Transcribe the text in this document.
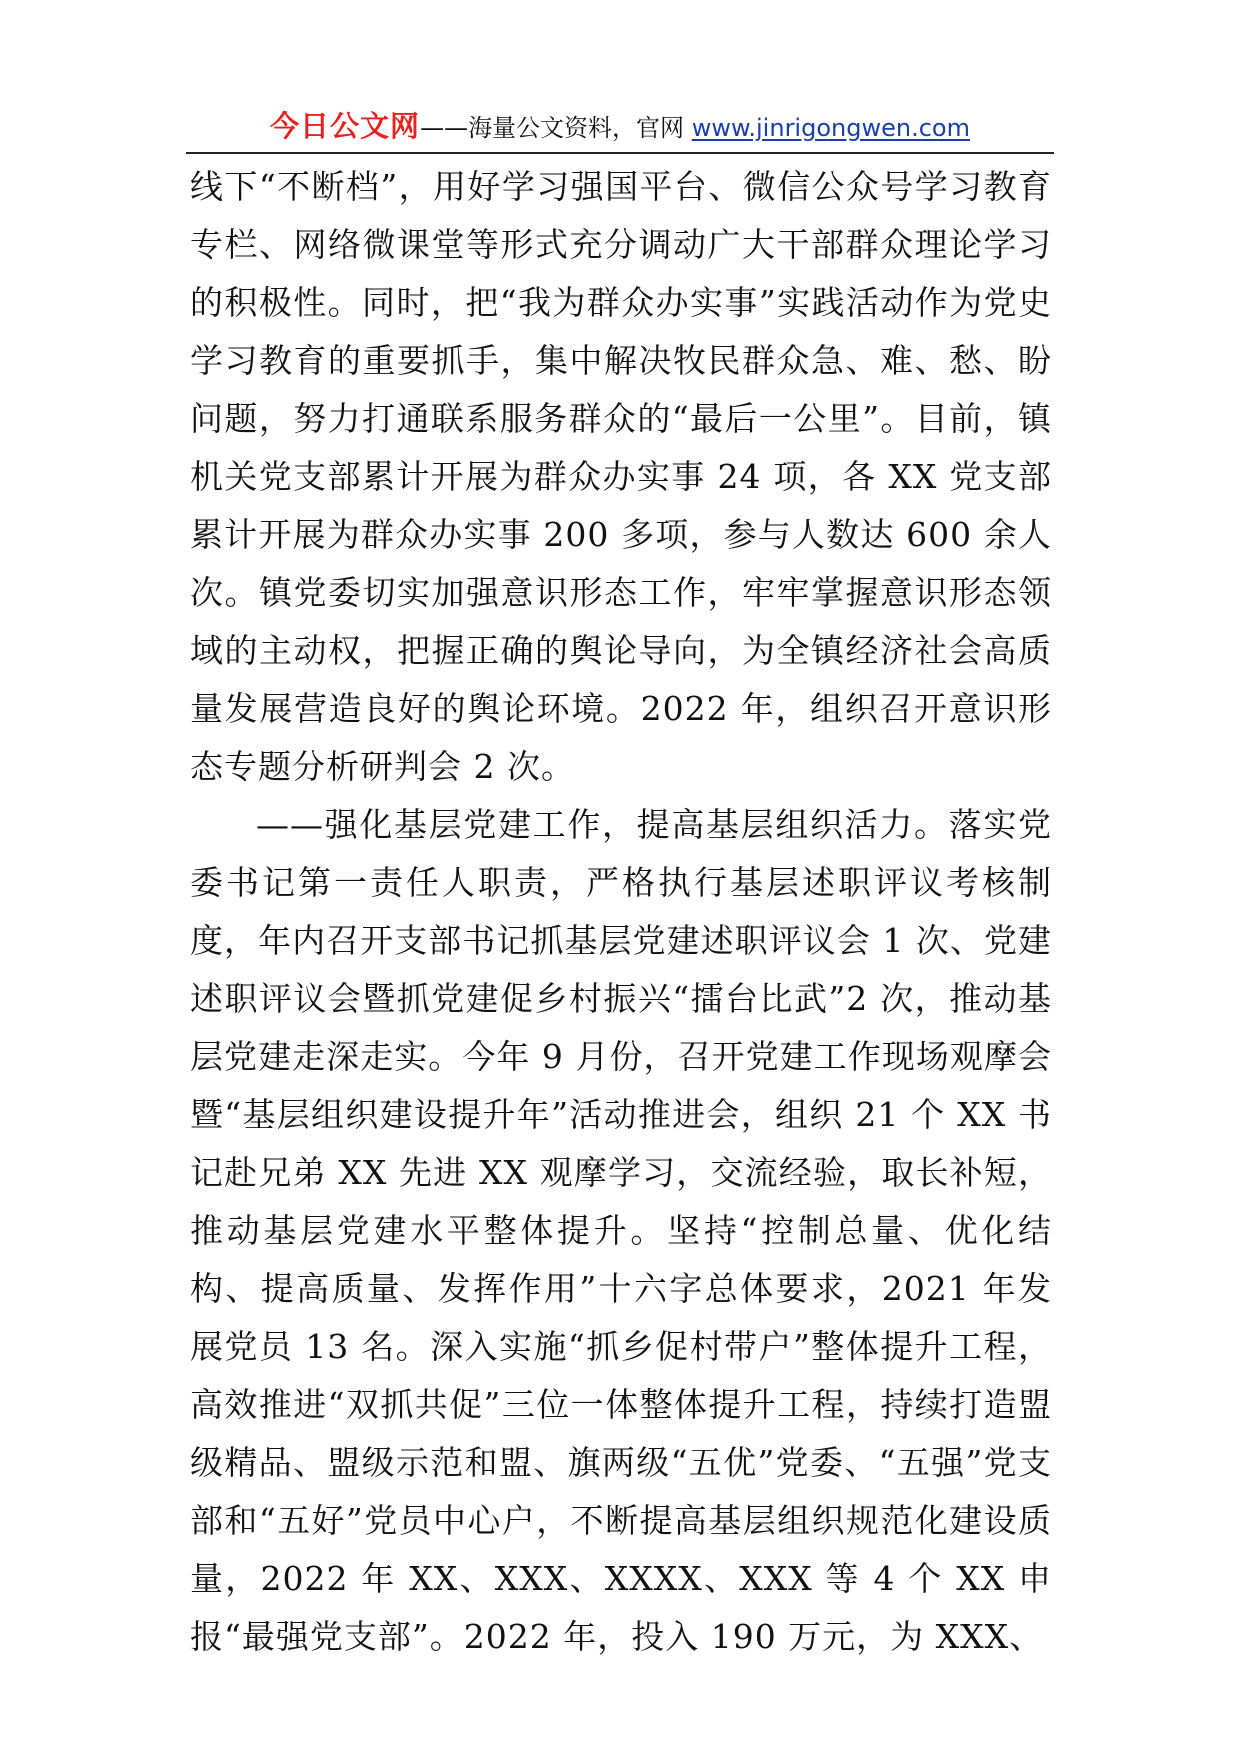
今日公文网——海量公文资料，官网 www.jinrigongwen.com

线下“不断档”，用好学习强国平台、微信公众号学习教育专栏、网络微课堂等形式充分调动广大干部群众理论学习的积极性。同时，把“我为群众办实事”实践活动作为党史学习教育的重要抓手，集中解决牧民群众急、难、愁、盼问题，努力打通联系服务群众的“最后一公里”。目前，镇机关党支部累计开展为群众办实事 24 项，各 XX 党支部累计开展为群众办实事 200 多项，参与人数达 600 余人次。镇党委切实加强意识形态工作，牢牢掌握意识形态领域的主动权，把握正确的舆论导向，为全镇经济社会高质量发展营造良好的舆论环境。2022 年，组织召开意识形态专题分析研判会 2 次。

——强化基层党建工作，提高基层组织活力。落实党委书记第一责任人职责，严格执行基层述职评议考核制度，年内召开支部书记抓基层党建述职评议会 1 次、党建述职评议会暨抓党建促乡村振兴“擂台比武”2 次，推动基层党建走深走实。今年 9 月份，召开党建工作现场观摩会暨“基层组织建设提升年”活动推进会，组织 21 个 XX 书记赴兄弟 XX 先进 XX 观摩学习，交流经验，取长补短，推动基层党建水平整体提升。坚持“控制总量、优化结构、提高质量、发挥作用”十六字总体要求，2021 年发展党员 13 名。深入实施“抓乡促村带户”整体提升工程，高效推进“双抓共促”三位一体整体提升工程，持续打造盟级精品、盟级示范和盟、旗两级“五优”党委、“五强”党支部和“五好”党员中心户，不断提高基层组织规范化建设质量，2022 年 XX、XXX、XXXX、XXX 等 4 个 XX 申报“最强党支部”。2022 年，投入 190 万元，为 XXX、
